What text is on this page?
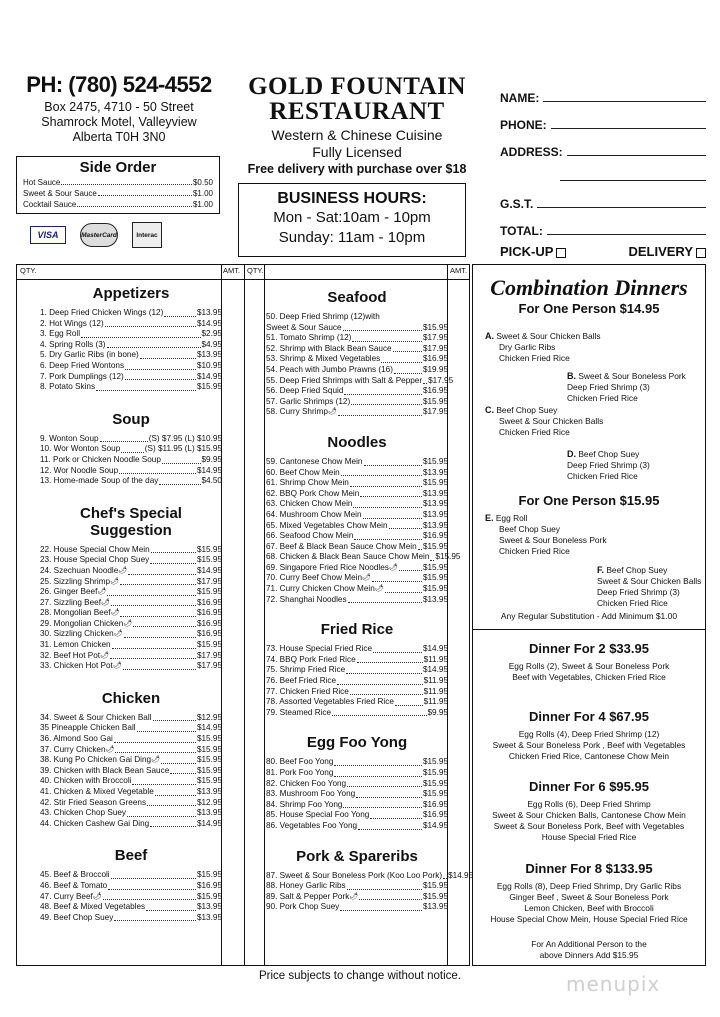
PH: (780) 524-4552
Box 2475, 4710 - 50 Street
Shamrock Motel, Valleyview
Alberta T0H 3N0
Side Order
Hot Sauce	$0.50
Sweet & Sour Sauce	$1.00
Cocktail Sauce	$1.00
VISA	MasterCard	Interac
GOLD FOUNTAIN
RESTAURANT
Western & Chinese Cuisine
Fully Licensed
Free delivery with purchase over $18
BUSINESS HOURS:
Mon - Sat:10am - 10pm
Sunday: 11am - 10pm
NAME:
PHONE:
ADDRESS:
G.S.T.
TOTAL:
PICK-UP	DELIVERY
QTY.	AMT. QTY.	AMT.
Appetizers
1. Deep Fried Chicken Wings (12)	$13.95
2. Hot Wings (12)	$14.95
3. Egg Roll	$2.95
4. Spring Rolls (3)	$4.95
5. Dry Garlic Ribs (in bone)	$13.95
6. Deep Fried Wontons	$10.95
7. Pork Dumplings (12)	$14.95
8. Potato Skins	$15.95
Soup
9. Wonton Soup	(S) $7.95 (L) $10.95
10. Wor Wonton Soup	(S) $11.95 (L) $15.95
11. Pork or Chicken Noodle Soup	$9.95
12. Wor Noodle Soup	$14.95
13. Home-made Soup of the day	$4.50
Chef's Special Suggestion
22. House Special Chow Mein	$15.95
23. House Special Chop Suey	$15.95
24. Szechuan Noodle 🌶	$14.95
25. Sizzling Shrimp 🌶	$17.95
26. Ginger Beef 🌶	$15.95
27. Sizzling Beef 🌶	$16.95
28. Mongolian Beef 🌶	$16.95
29. Mongolian Chicken 🌶	$16.95
30. Sizzling Chicken 🌶	$16.95
31. Lemon Chicken	$15.95
32. Beef Hot Pot 🌶	$17.95
33. Chicken Hot Pot 🌶	$17.95
Chicken
34. Sweet & Sour Chicken Ball	$12.95
35 Pineapple Chicken Ball	$14.95
36. Almond Soo Gai	$15.95
37. Curry Chicken 🌶	$15.95
38. Kung Po Chicken Gai Ding 🌶	$15.95
39. Chicken with Black Bean Sauce	$15.95
40. Chicken with Broccoli	$15.95
41. Chicken & Mixed Vegetable	$13.95
42. Stir Fried Season Greens	$12.95
43. Chicken Chop Suey	$13.95
44. Chicken Cashew Gai Ding	$14.95
Beef
45. Beef & Broccoli	$15.95
46. Beef & Tomato	$16.95
47. Curry Beef 🌶	$15.95
48. Beef & Mixed Vegetables	$13.95
49. Beef Chop Suey	$13.95
Seafood
50. Deep Fried Shrimp (12)with
Sweet & Sour Sauce	$15.95
51. Tomato Shrimp (12)	$17.95
52. Shrimp with Black Bean Sauce	$17.95
53. Shrimp & Mixed Vegetables	$16.95
54. Peach with Jumbo Prawns (16)	$19.95
55. Deep Fried Shrimps with Salt & Pepper $17.95
56. Deep Fried Squid	$16.95
57. Garlic Shrimps (12)	$15.95
58. Curry Shrimp 🌶	$17.95
Noodles
59. Cantonese Chow Mein	$15.95
60. Beef Chow Mein	$13.95
61. Shrimp Chow Mein	$15.95
62. BBQ Pork Chow Mein	$13.95
63. Chicken Chow Mein	$13.95
64. Mushroom Chow Mein	$13.95
65. Mixed Vegetables Chow Mein	$13.95
66. Seafood Chow Mein	$16.95
67. Beef & Black Bean Sauce Chow Mein $15.95
68. Chicken & Black Bean Sauce Chow Mein $15.95
69. Singapore Fried Rice Noodles 🌶	$15.95
70. Curry Beef Chow Mein 🌶	$15.95
71. Curry Chicken Chow Mein 🌶	$15.95
72. Shanghai Noodles	$13.95
Fried Rice
73. House Special Fried Rice	$14.95
74. BBQ Pork Fried Rice	$11.95
75. Shrimp Fried Rice	$14.95
76. Beef Fried Rice	$11.95
77. Chicken Fried Rice	$11.95
78. Assorted Vegetables Fried Rice	$11.95
79. Steamed Rice	$9.95
Egg Foo Yong
80. Beef Foo Yong	$15.95
81. Pork Foo Yong	$15.95
82. Chicken Foo Yong	$15.95
83. Mushroom Foo Yong	$15.95
84. Shrimp Foo Yong	$16.95
85. House Special Foo Yong	$16.95
86. Vegetables Foo Yong	$14.95
Pork & Spareribs
87. Sweet & Sour Boneless Pork (Koo Loo Pork) $14.95
88. Honey Garlic Ribs	$15.95
89. Salt & Pepper Pork 🌶	$15.95
90. Pork Chop Suey	$13.95
Combination Dinners
For One Person $14.95
A. Sweet & Sour Chicken Balls
Dry Garlic Ribs
Chicken Fried Rice
B. Sweet & Sour Boneless Pork
Deep Fried Shrimp (3)
Chicken Fried Rice
C. Beef Chop Suey
Sweet & Sour Chicken Balls
Chicken Fried Rice
D. Beef Chop Suey
Deep Fried Shrimp (3)
Chicken Fried Rice
E. Egg Roll
Beef Chop Suey
Sweet & Sour Boneless Pork
Chicken Fried Rice
F. Beef Chop Suey
Sweet & Sour Chicken Balls
Deep Fried Shrimp (3)
Chicken Fried Rice
For One Person $15.95
Any Regular Substitution - Add Minimum $1.00
Dinner For 2 $33.95
Egg Rolls (2), Sweet & Sour Boneless Pork
Beef with Vegetables, Chicken Fried Rice
Dinner For 4 $67.95
Egg Rolls (4), Deep Fried Shrimp (12)
Sweet & Sour Boneless Pork , Beef with Vegetables
Chicken Fried Rice, Cantonese Chow Mein
Dinner For 6 $95.95
Egg Rolls (6), Deep Fried Shrimp
Sweet & Sour Chicken Balls, Cantonese Chow Mein
Sweet & Sour Boneless Pork, Beef with Vegetables
House Special Fried Rice
Dinner For 8 $133.95
Egg Rolls (8), Deep Fried Shrimp, Dry Garlic Ribs
Ginger Beef , Sweet & Sour Boneless Pork
Lemon Chicken, Beef with Broccoli
House Special Chow Mein, House Special Fried Rice
For An Additional Person to the
above Dinners Add $15.95
Price subjects to change without notice.	menupix
